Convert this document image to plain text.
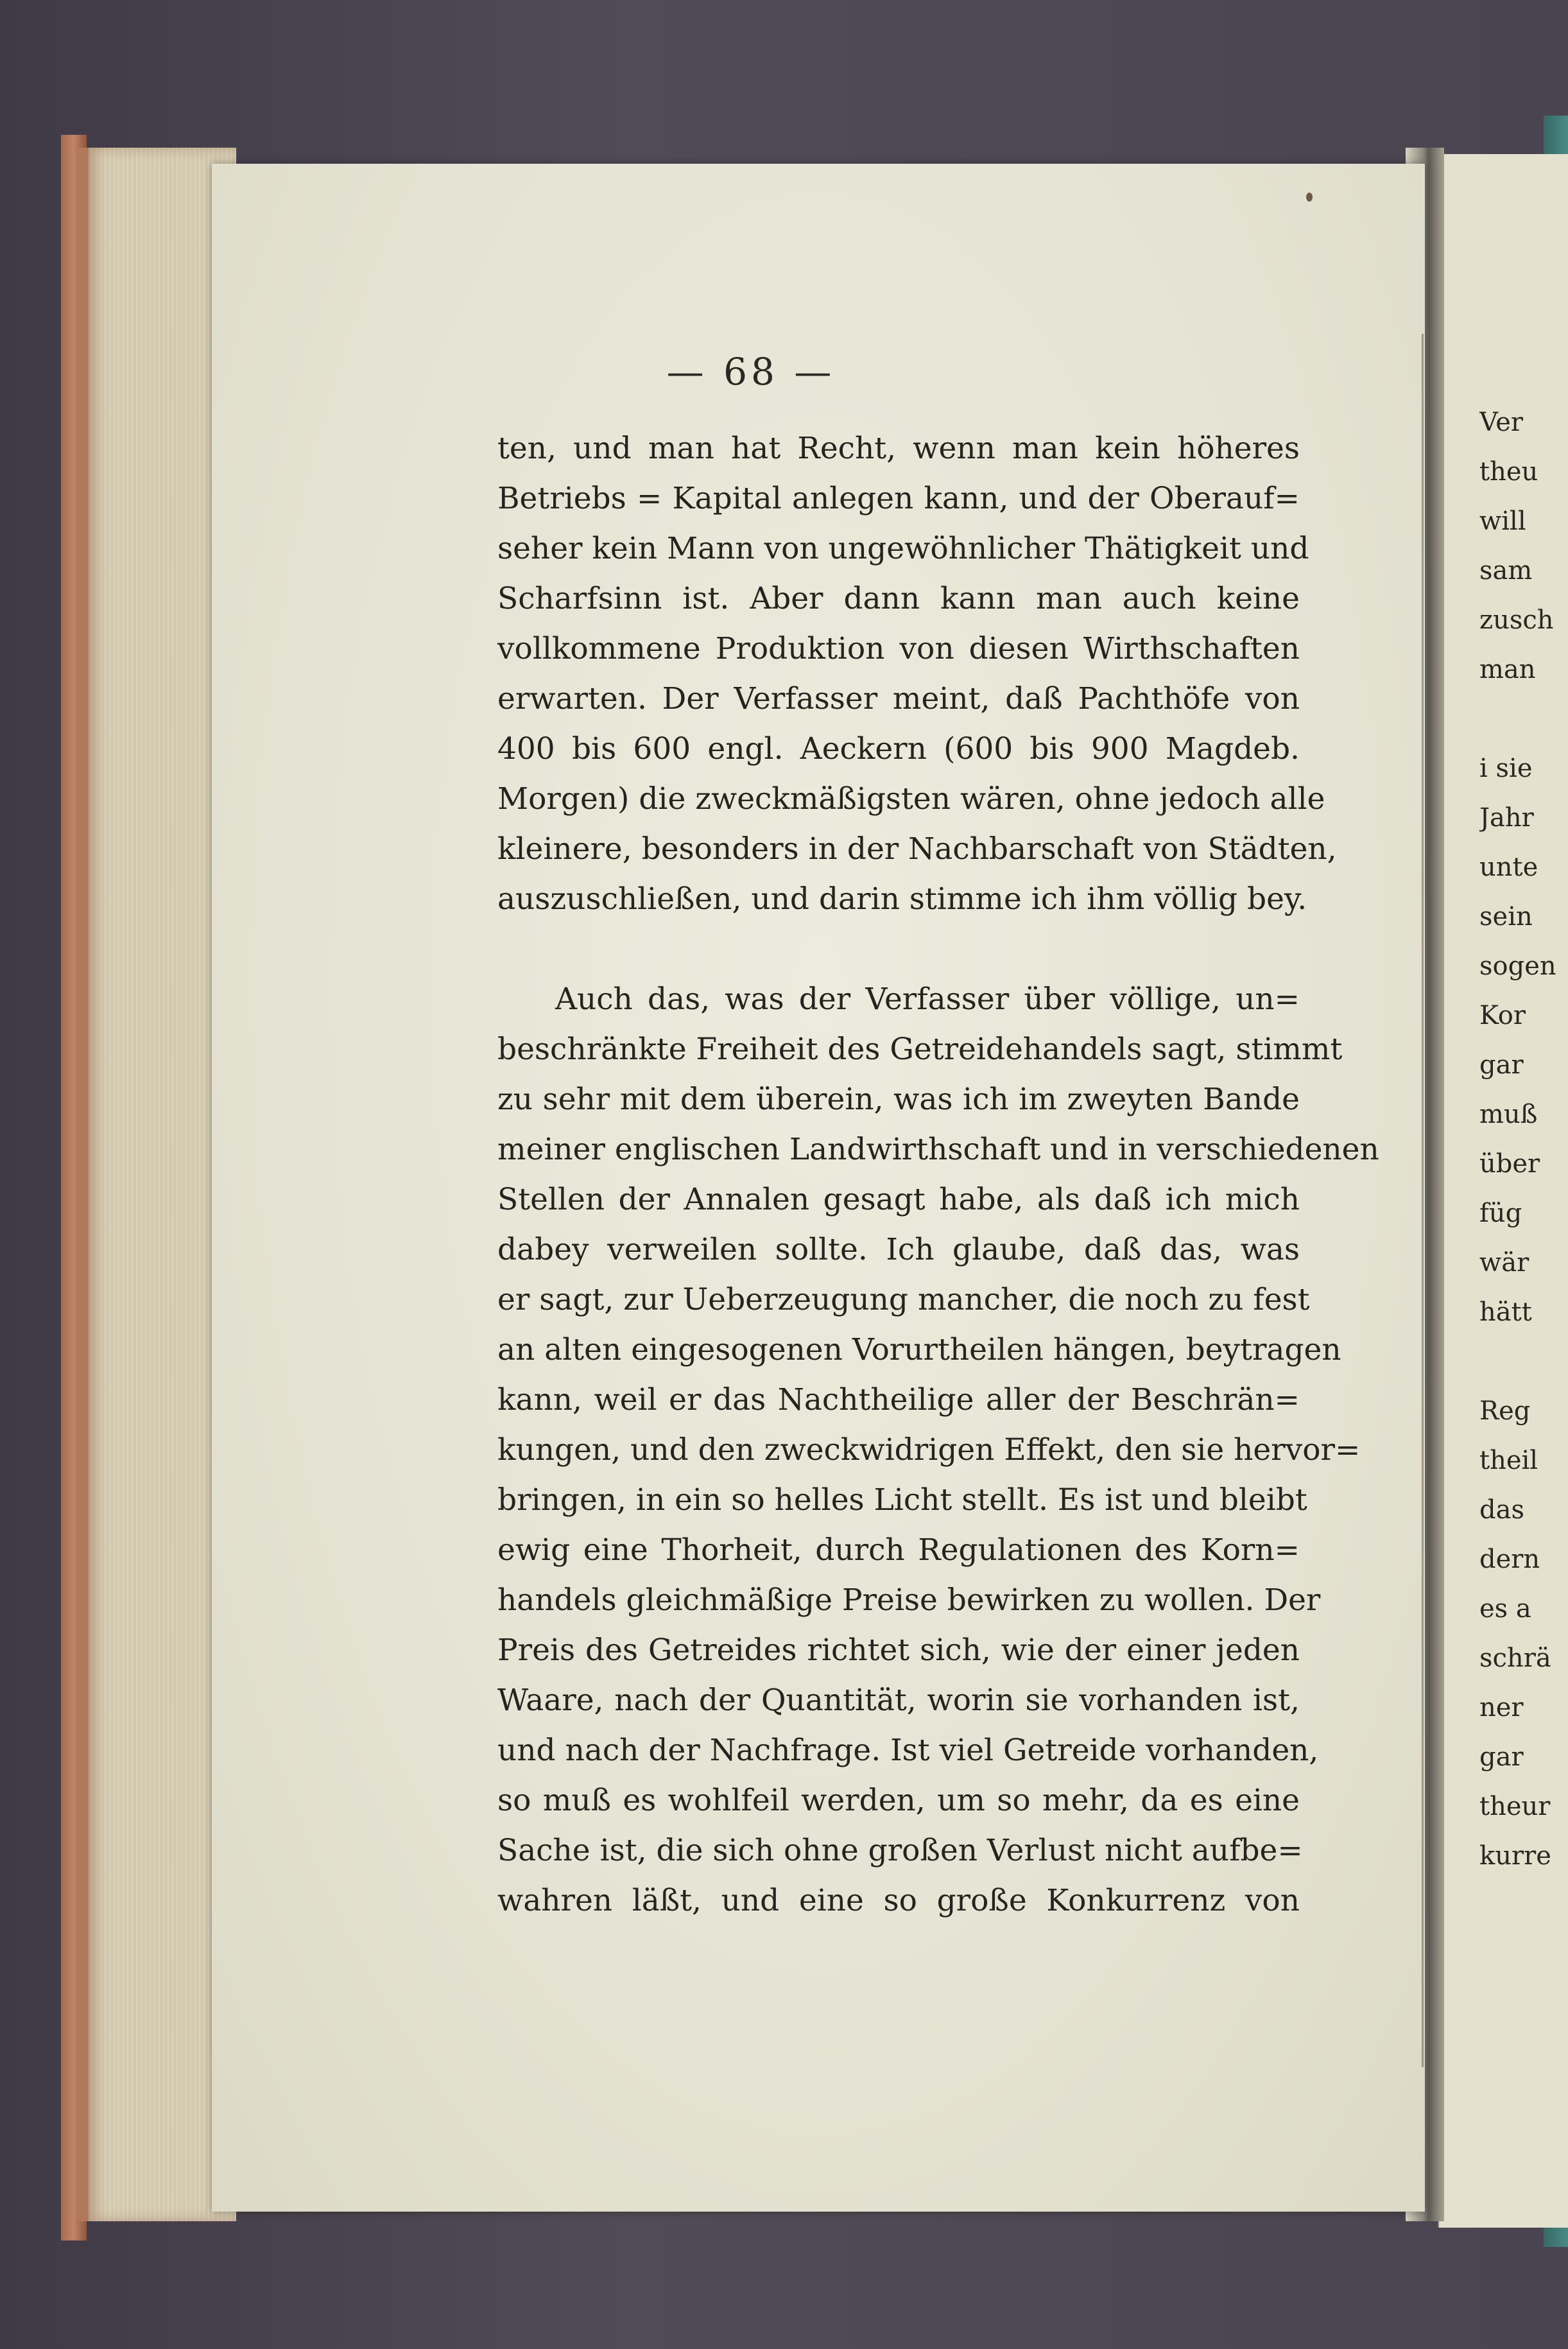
— 68 —
ten, und man hat Recht, wenn man kein höheres
Betriebs = Kapital anlegen kann, und der Oberauf=
seher kein Mann von ungewöhnlicher Thätigkeit und
Scharfsinn ist. Aber dann kann man auch keine
vollkommene Produktion von diesen Wirthschaften
erwarten. Der Verfasser meint, daß Pachthöfe von
400 bis 600 engl. Aeckern (600 bis 900 Magdeb.
Morgen) die zweckmäßigsten wären, ohne jedoch alle
kleinere, besonders in der Nachbarschaft von Städten,
auszuschließen, und darin stimme ich ihm völlig bey.
Auch das, was der Verfasser über völlige, un=
beschränkte Freiheit des Getreidehandels sagt, stimmt
zu sehr mit dem überein, was ich im zweyten Bande
meiner englischen Landwirthschaft und in verschiedenen
Stellen der Annalen gesagt habe, als daß ich mich
dabey verweilen sollte. Ich glaube, daß das, was
er sagt, zur Ueberzeugung mancher, die noch zu fest
an alten eingesogenen Vorurtheilen hängen, beytragen
kann, weil er das Nachtheilige aller der Beschrän=
kungen, und den zweckwidrigen Effekt, den sie hervor=
bringen, in ein so helles Licht stellt. Es ist und bleibt
ewig eine Thorheit, durch Regulationen des Korn=
handels gleichmäßige Preise bewirken zu wollen. Der
Preis des Getreides richtet sich, wie der einer jeden
Waare, nach der Quantität, worin sie vorhanden ist,
und nach der Nachfrage. Ist viel Getreide vorhanden,
so muß es wohlfeil werden, um so mehr, da es eine
Sache ist, die sich ohne großen Verlust nicht aufbe=
wahren läßt, und eine so große Konkurrenz von
Ver
theu
will
sam
zusch
man
i sie
Jahr
unte
sein
sogen
Kor
gar
muß
über
füg
wär
hätt
Reg
theil
das
dern
es a
schrä
ner
gar
theur
kurre
